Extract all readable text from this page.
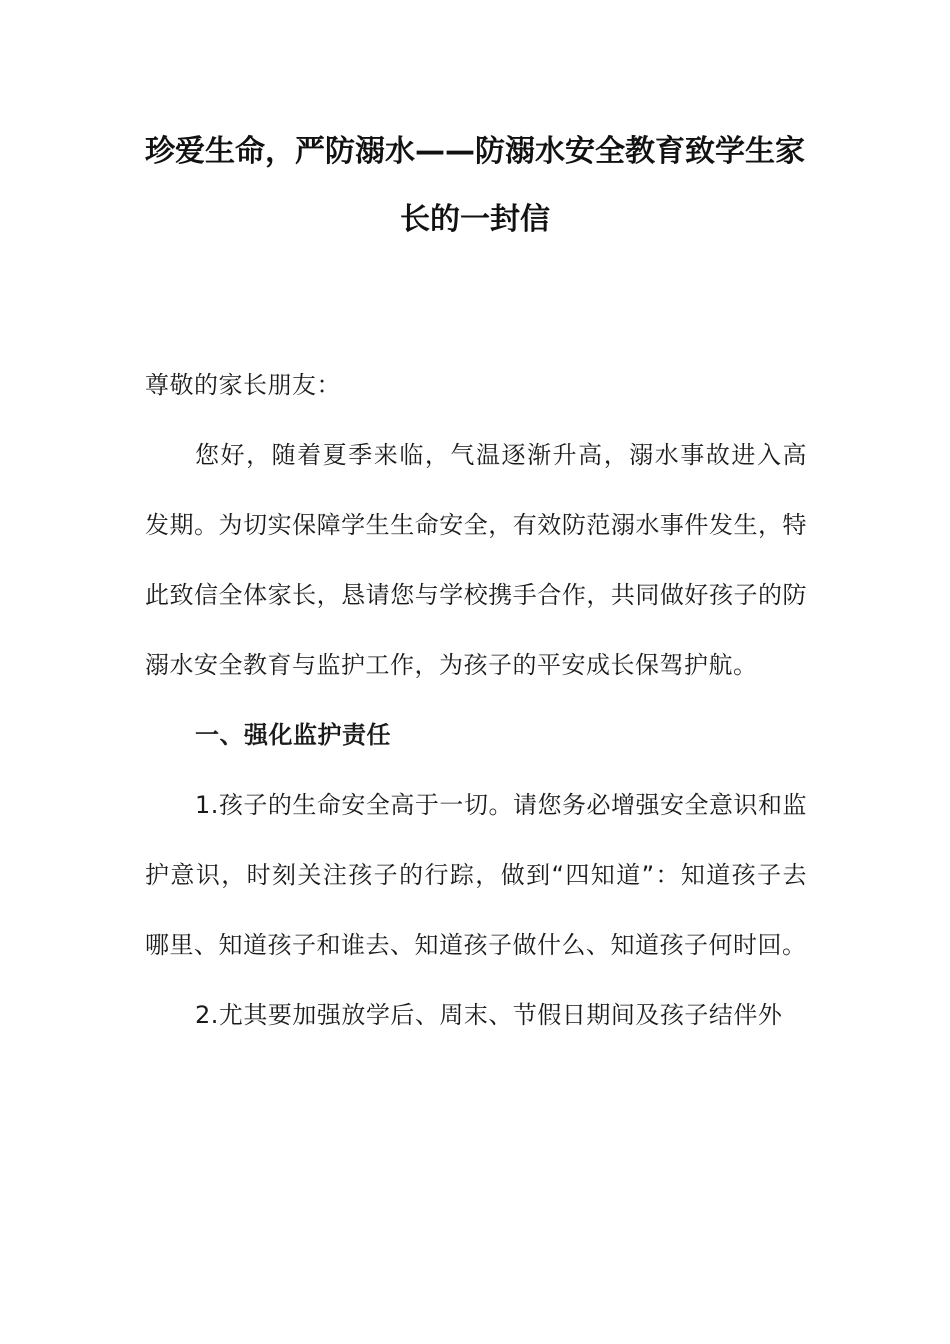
珍爱生命，严防溺水——防溺水安全教育致学生家长的一封信

尊敬的家长朋友：

您好，随着夏季来临，气温逐渐升高，溺水事故进入高发期。为切实保障学生生命安全，有效防范溺水事件发生，特此致信全体家长，恳请您与学校携手合作，共同做好孩子的防溺水安全教育与监护工作，为孩子的平安成长保驾护航。

一、强化监护责任

1.孩子的生命安全高于一切。请您务必增强安全意识和监护意识，时刻关注孩子的行踪，做到“四知道”：知道孩子去哪里、知道孩子和谁去、知道孩子做什么、知道孩子何时回。

2.尤其要加强放学后、周末、节假日期间及孩子结伴外
